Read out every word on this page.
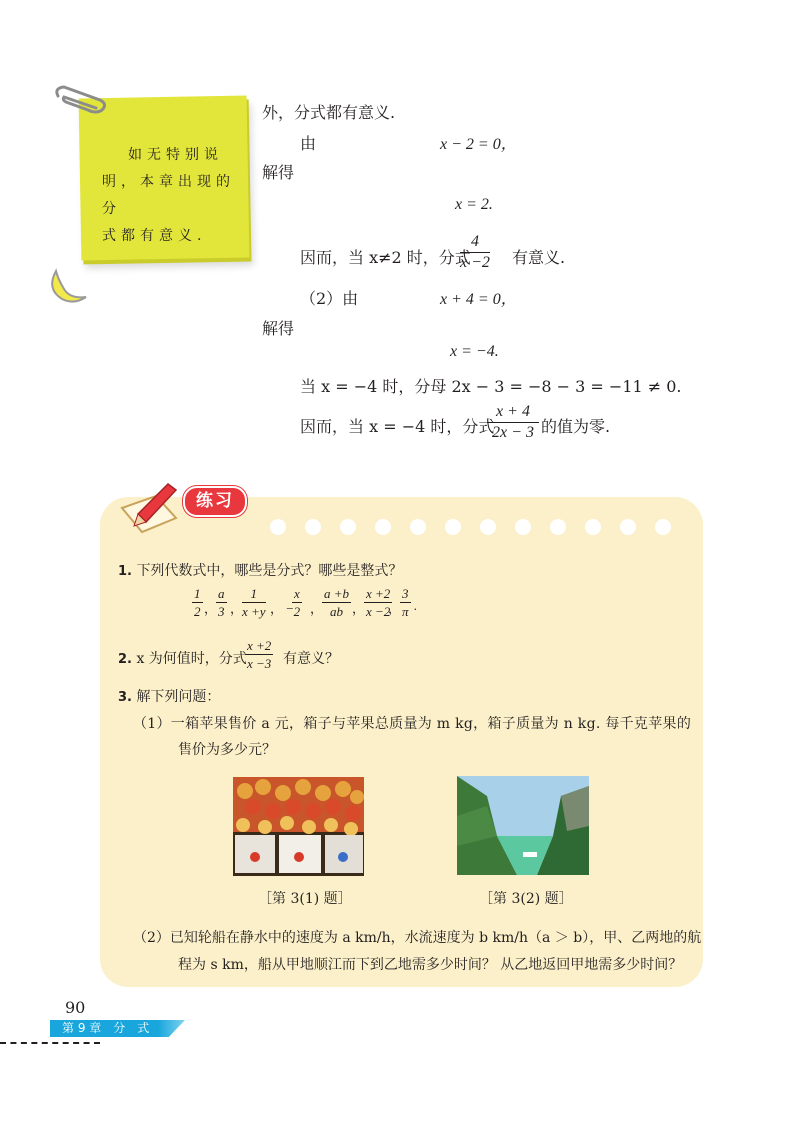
如无特别说
明，本章出现的分
式都有意义.
外，分式都有意义.
由	x − 2 = 0，
解得
x = 2.
因而，当 x≠2 时，分式
$\frac{4}{x -2}$ 有意义.
（2）由	x + 4 = 0，
解得
x = −4.
当 x = −4 时，分母 2x − 3 = −8 − 3 = −11 ≠ 0.
因而，当 x = −4 时，分式
$\frac{x + 4}{2x - 3}$ 的值为零.
练习
1. 下列代数式中，哪些是分式？哪些是整式？
$\frac{1}{2}$ ，
$\frac{a}{3}$ ，
$\frac{1}{x +y}$ ， −
$\frac{x}{2}$ ，
$\frac{a +b}{ab}$ ，
$\frac{x +2}{x -2}$
，
$\frac{3}{\pi}$ .
2. x 为何值时，分式
$\frac{x +2}{x -3}$ 有意义？
3. 解下列问题：
（1）一箱苹果售价 a 元，箱子与苹果总质量为 m kg，箱子质量为 n kg. 每千克苹果的
售价为多少元？
［第 3(1) 题］	［第 3(2) 题］
（2）已知轮船在静水中的速度为 a km/h，水流速度为 b km/h（a ＞ b），甲、乙两地的航
程为 s km，船从甲地顺江而下到乙地需多少时间？ 从乙地返回甲地需多少时间？
90
第 9 章　分　式
